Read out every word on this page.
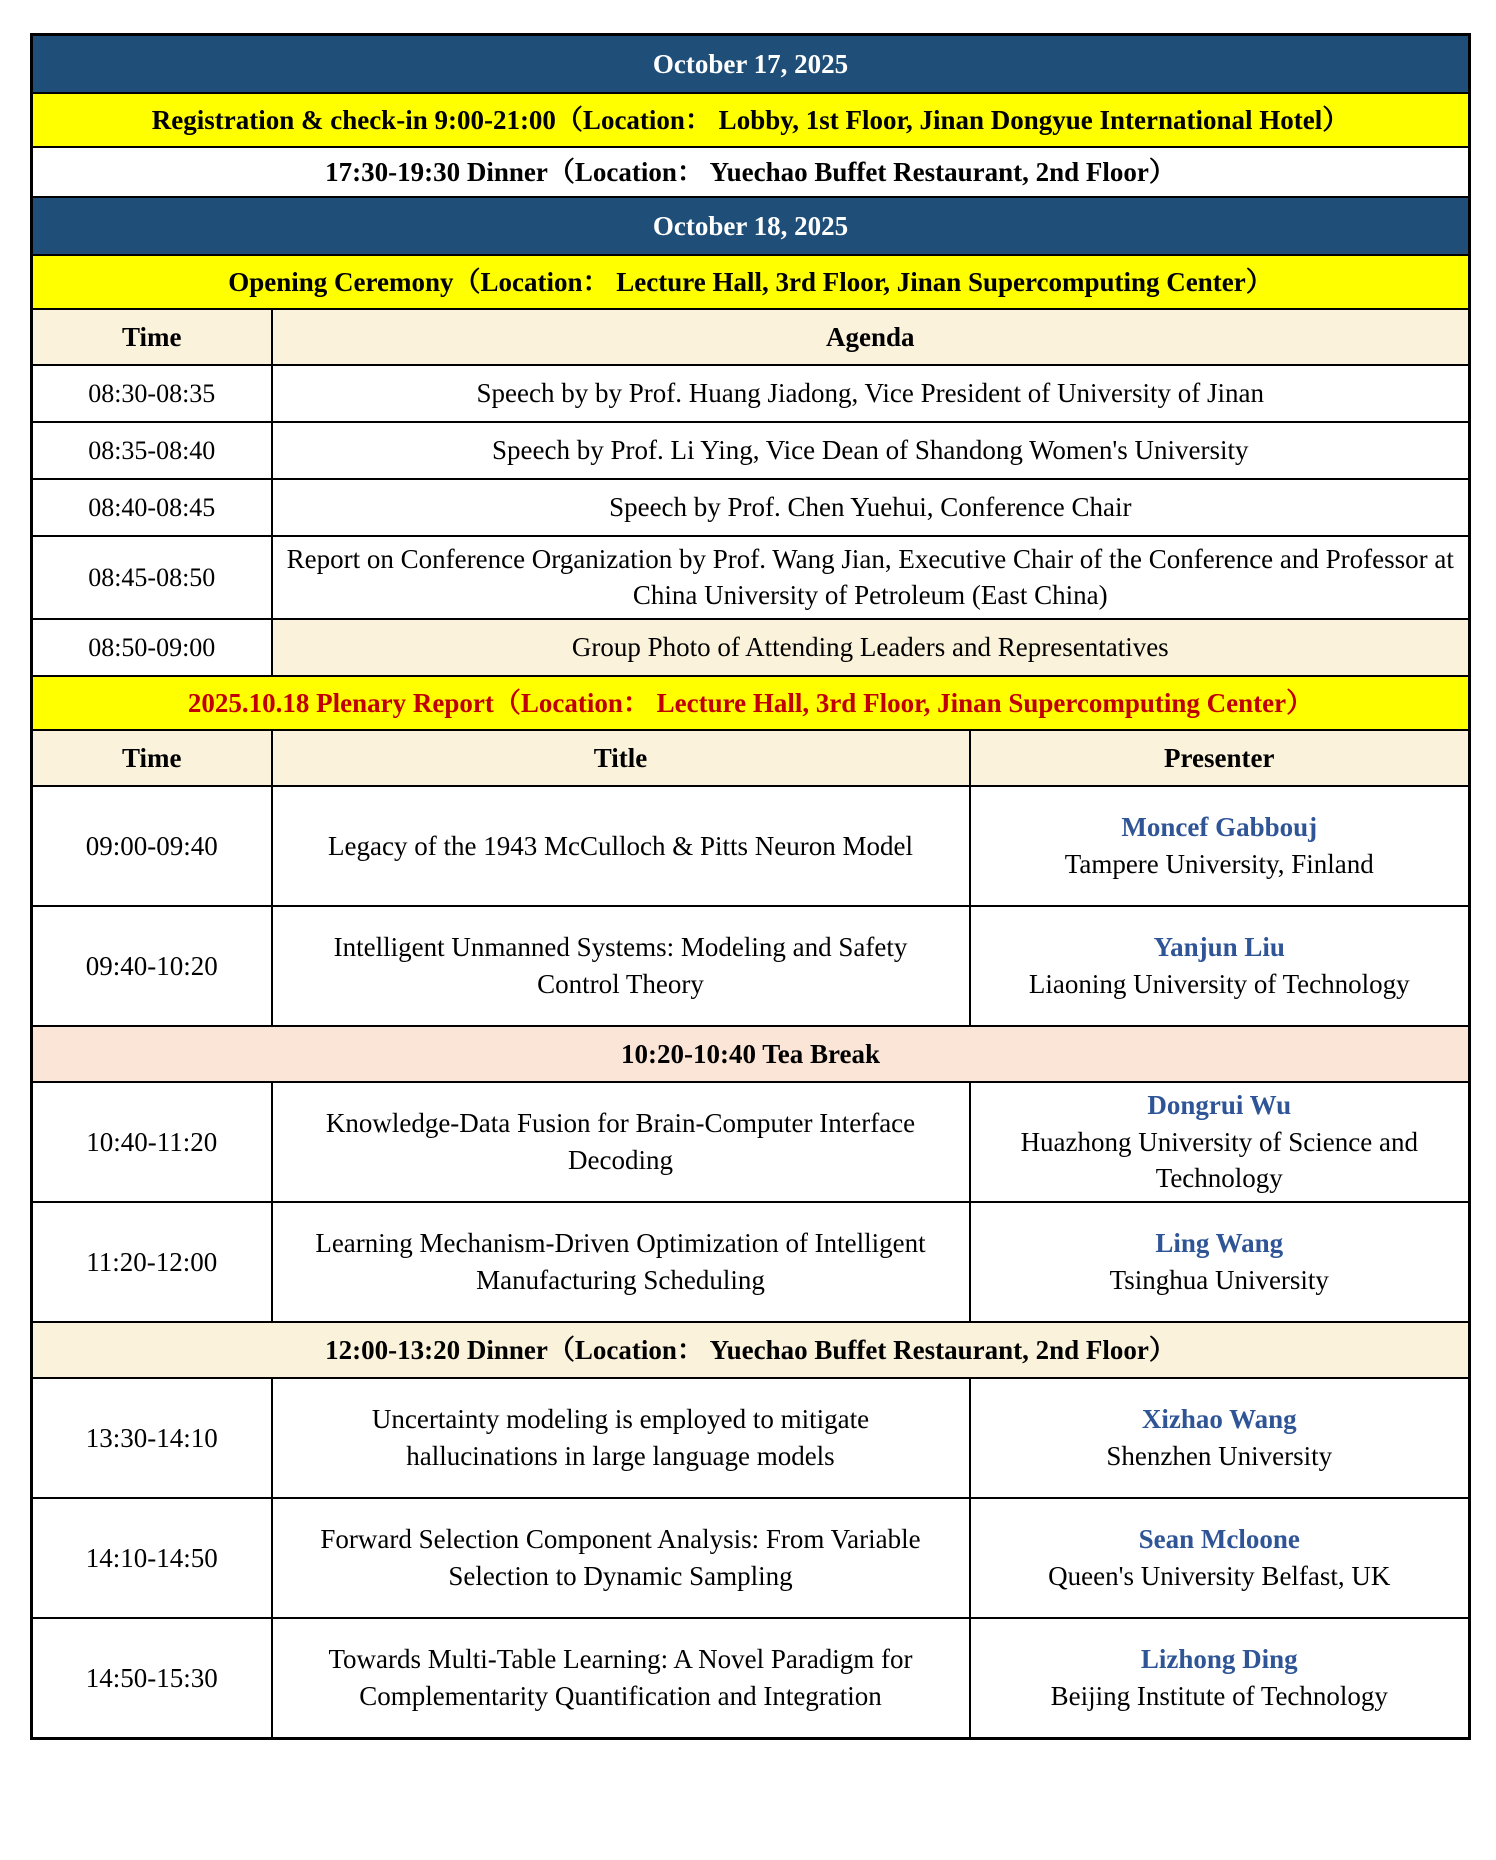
October 17, 2025		
Registration & check-in 9:00-21:00（Location： Lobby, 1st Floor, Jinan Dongyue International Hotel）		
17:30-19:30 Dinner（Location： Yuechao Buffet Restaurant, 2nd Floor）		
October 18, 2025		
Opening Ceremony（Location： Lecture Hall, 3rd Floor, Jinan Supercomputing Center）		
Time	Agenda	
08:30-08:35	Speech by by Prof. Huang Jiadong, Vice President of University of Jinan	
08:35-08:40	Speech by Prof. Li Ying, Vice Dean of Shandong Women's University	
08:40-08:45	Speech by Prof. Chen Yuehui, Conference Chair	
08:45-08:50	Report on Conference Organization by Prof. Wang Jian, Executive Chair of the Conference and Professor at China University of Petroleum (East China)	
08:50-09:00	Group Photo of Attending Leaders and Representatives	
2025.10.18 Plenary Report（Location： Lecture Hall, 3rd Floor, Jinan Supercomputing Center）		
Time	Title	Presenter
09:00-09:40	Legacy of the 1943 McCulloch & Pitts Neuron Model	Moncef Gabbouj
Tampere University, Finland

09:40-10:20	Intelligent Unmanned Systems: Modeling and Safety Control Theory	Yanjun Liu
Liaoning University of Technology

10:20-10:40 Tea Break		
10:40-11:20	Knowledge-Data Fusion for Brain-Computer Interface Decoding	Dongrui Wu
Huazhong University of Science and Technology

11:20-12:00	Learning Mechanism-Driven Optimization of Intelligent Manufacturing Scheduling	Ling Wang
Tsinghua University

12:00-13:20 Dinner（Location： Yuechao Buffet Restaurant, 2nd Floor）		
13:30-14:10	Uncertainty modeling is employed to mitigate hallucinations in large language models	Xizhao Wang
Shenzhen University

14:10-14:50	Forward Selection Component Analysis: From Variable Selection to Dynamic Sampling	Sean Mcloone
Queen's University Belfast, UK

14:50-15:30	Towards Multi-Table Learning: A Novel Paradigm for Complementarity Quantification and Integration	Lizhong Ding
Beijing Institute of Technology
